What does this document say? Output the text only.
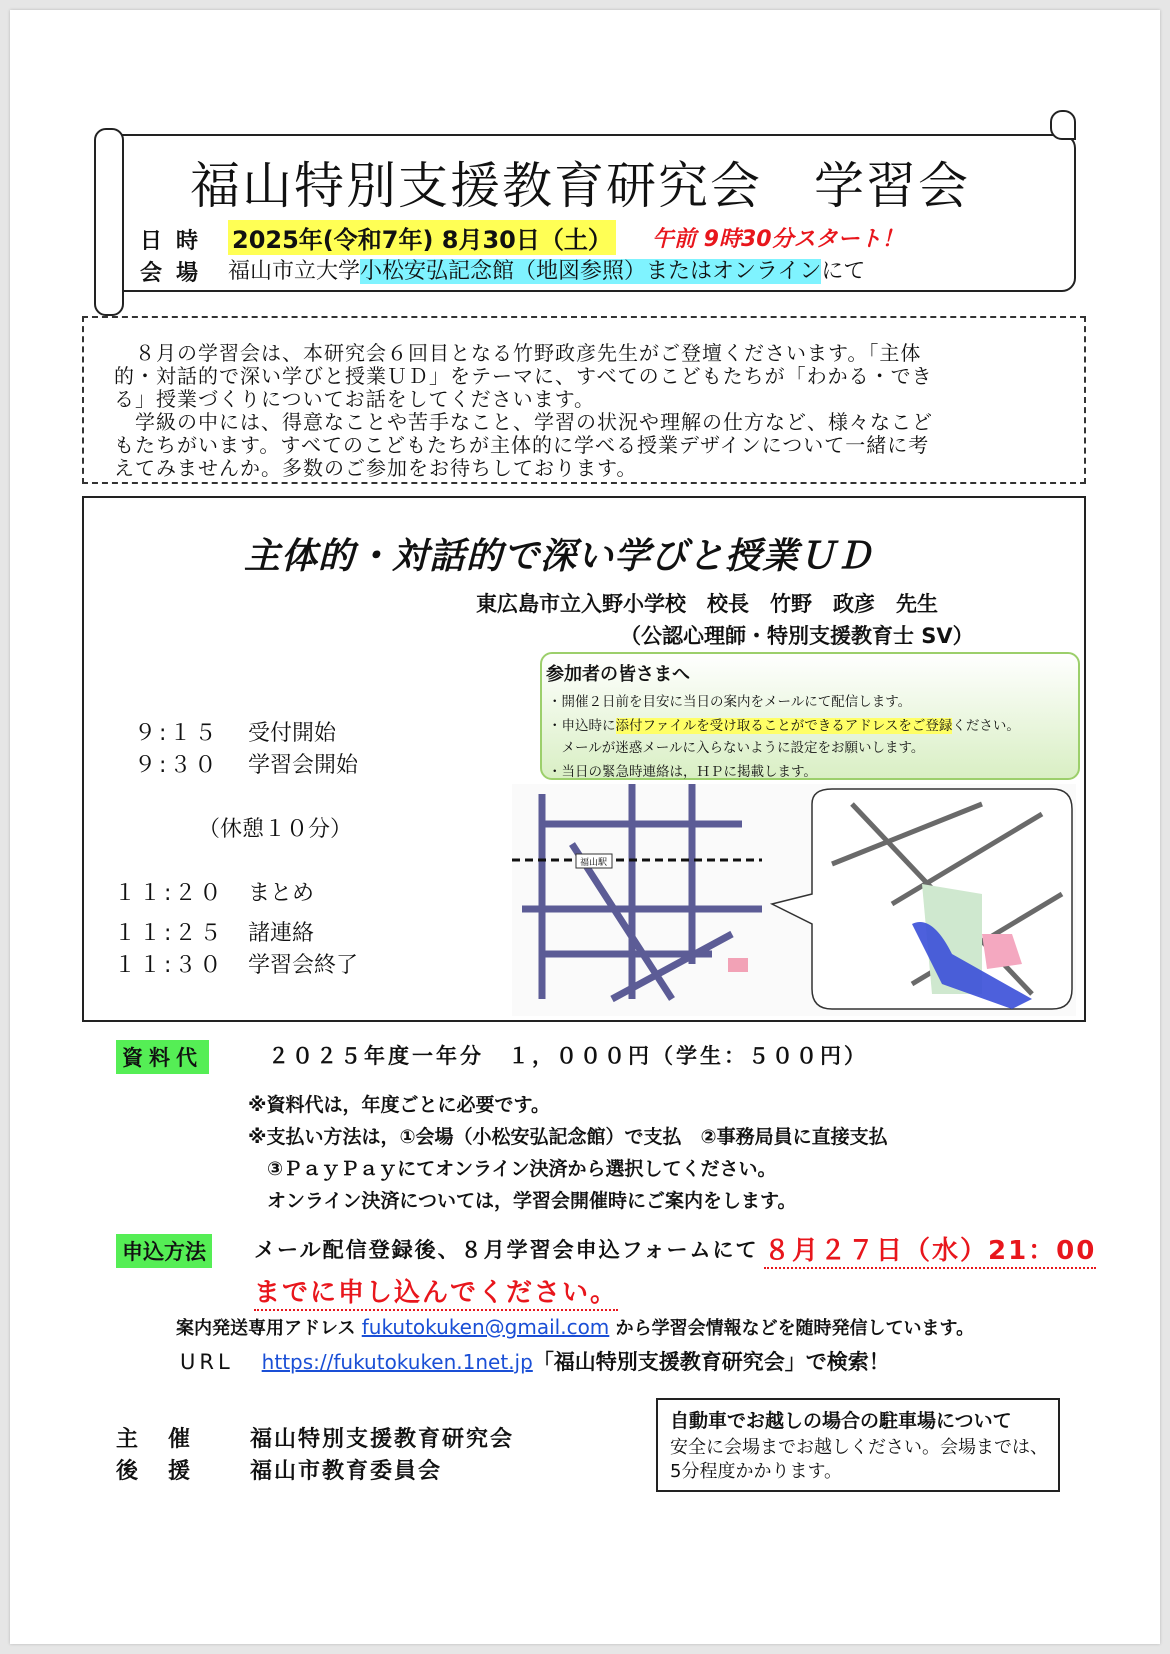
福山特別支援教育研究会　学習会
日時 2025年(令和7年) 8月30日（土） 午前 9時30分スタート！
会場 福山市立大学小松安弘記念館（地図参照）またはオンラインにて

　８月の学習会は、本研究会６回目となる竹野政彦先生がご登壇くださいます。「主体

的・対話的で深い学びと授業ＵＤ」をテーマに、すべてのこどもたちが「わかる・でき

る」授業づくりについてお話をしてくださいます。

　学級の中には、得意なことや苦手なこと、学習の状況や理解の仕方など、様々なこど

もたちがいます。すべてのこどもたちが主体的に学べる授業デザインについて一緒に考

えてみませんか。多数のご参加をお待ちしております。

主体的・対話的で深い学びと授業ＵＤ
東広島市立入野小学校　校長　竹野　政彦　先生
（公認心理師・特別支援教育士 SV）
参加者の皆さまへ
・開催２日前を目安に当日の案内をメールにて配信します。
・申込時に添付ファイルを受け取ることができるアドレスをご登録ください。
　メールが迷惑メールに入らないように設定をお願いします。
・当日の緊急時連絡は，ＨＰに掲載します。
９:１５ 受付開始
９:３０ 学習会開始
（休憩１０分）
１１:２０ まとめ
１１:２５ 諸連絡
１１:３０ 学習会終了
福山駅
資料代	２０２５年度一年分　１，０００円（学生：５００円）
※資料代は，年度ごとに必要です。
※支払い方法は，①会場（小松安弘記念館）で支払　②事務局員に直接支払
　③ＰａｙＰａｙにてオンライン決済から選択してください。
　オンライン決済については，学習会開催時にご案内をします。
申込方法 メール配信登録後、８月学習会申込フォームにて ８月２７日（水）21：00
までに申し込んでください。
案内発送専用アドレス fukutokuken@gmail.com から学習会情報などを随時発信しています。
URL https://fukutokuken.1net.jp「福山特別支援教育研究会」で検索！
主催 福山特別支援教育研究会
後援 福山市教育委員会
自動車でお越しの場合の駐車場について
安全に会場までお越しください。会場までは、5分程度かかります。
